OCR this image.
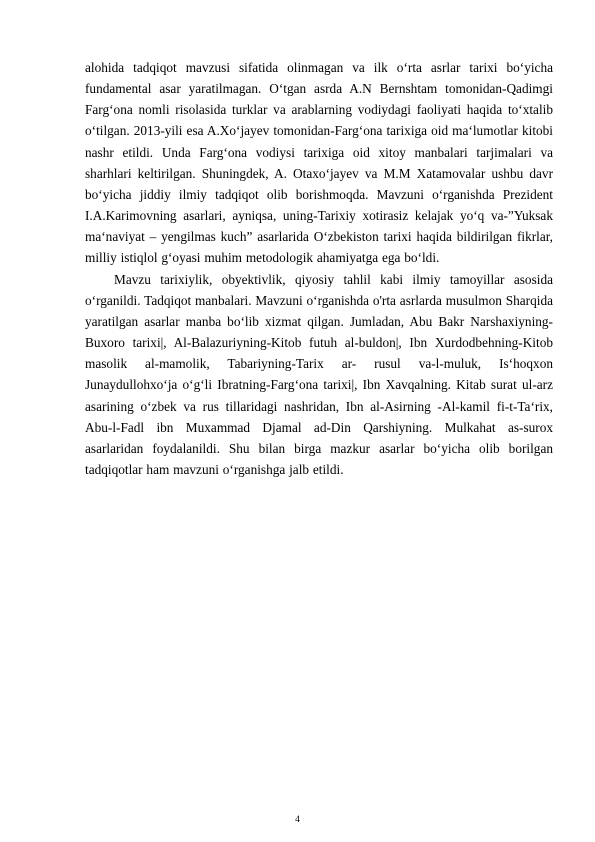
alohida tadqiqot mavzusi sifatida olinmagan va ilk o‘rta asrlar tarixi bo‘yicha fundamental asar yaratilmagan. O‘tgan asrda A.N Bernshtam tomonidan-Qadimgi Farg‘ona nomli risolasida turklar va arablarning vodiydagi faoliyati haqida to‘xtalib o‘tilgan. 2013-yili esa A.Xo‘jayev tomonidan-Farg‘ona tarixiga oid ma‘lumotlar kitobi nashr etildi. Unda Farg‘ona vodiysi tarixiga oid xitoy manbalari tarjimalari va sharhlari keltirilgan. Shuningdek, A. Otaxo‘jayev va M.M Xatamovalar ushbu davr bo‘yicha jiddiy ilmiy tadqiqot olib borishmoqda. Mavzuni o‘rganishda Prezident I.A.Karimovning asarlari, ayniqsa, uning-Tarixiy xotirasiz kelajak yo‘q va-”Yuksak ma‘naviyat – yengilmas kuch” asarlarida O‘zbekiston tarixi haqida bildirilgan fikrlar, milliy istiqlol g‘oyasi muhim metodologik ahamiyatga ega bo‘ldi.

Mavzu tarixiylik, obyektivlik, qiyosiy tahlil kabi ilmiy tamoyillar asosida o‘rganildi. Tadqiqot manbalari. Mavzuni o‘rganishda o'rta asrlarda musulmon Sharqida yaratilgan asarlar manba bo‘lib xizmat qilgan. Jumladan, Abu Bakr Narshaxiyning-Buxoro tarixi|, Al-Balazuriyning-Kitob futuh al-buldon|, Ibn Xurdodbehning-Kitob masolik al-mamolik, Tabariyning-Tarix ar- rusul va-l-muluk, Is‘hoqxon Junaydullohxo‘ja o‘g‘li Ibratning-Farg‘ona tarixi|, Ibn Xavqalning. Kitab surat ul-arz asarining o‘zbek va rus tillaridagi nashridan, Ibn al-Asirning -Al-kamil fi-t-Ta‘rix, Abu-l-Fadl ibn Muxammad Djamal ad-Din Qarshiyning. Mulkahat as-surox asarlaridan foydalanildi. Shu bilan birga mazkur asarlar bo‘yicha olib borilgan tadqiqotlar ham mavzuni o‘rganishga jalb etildi.

4
